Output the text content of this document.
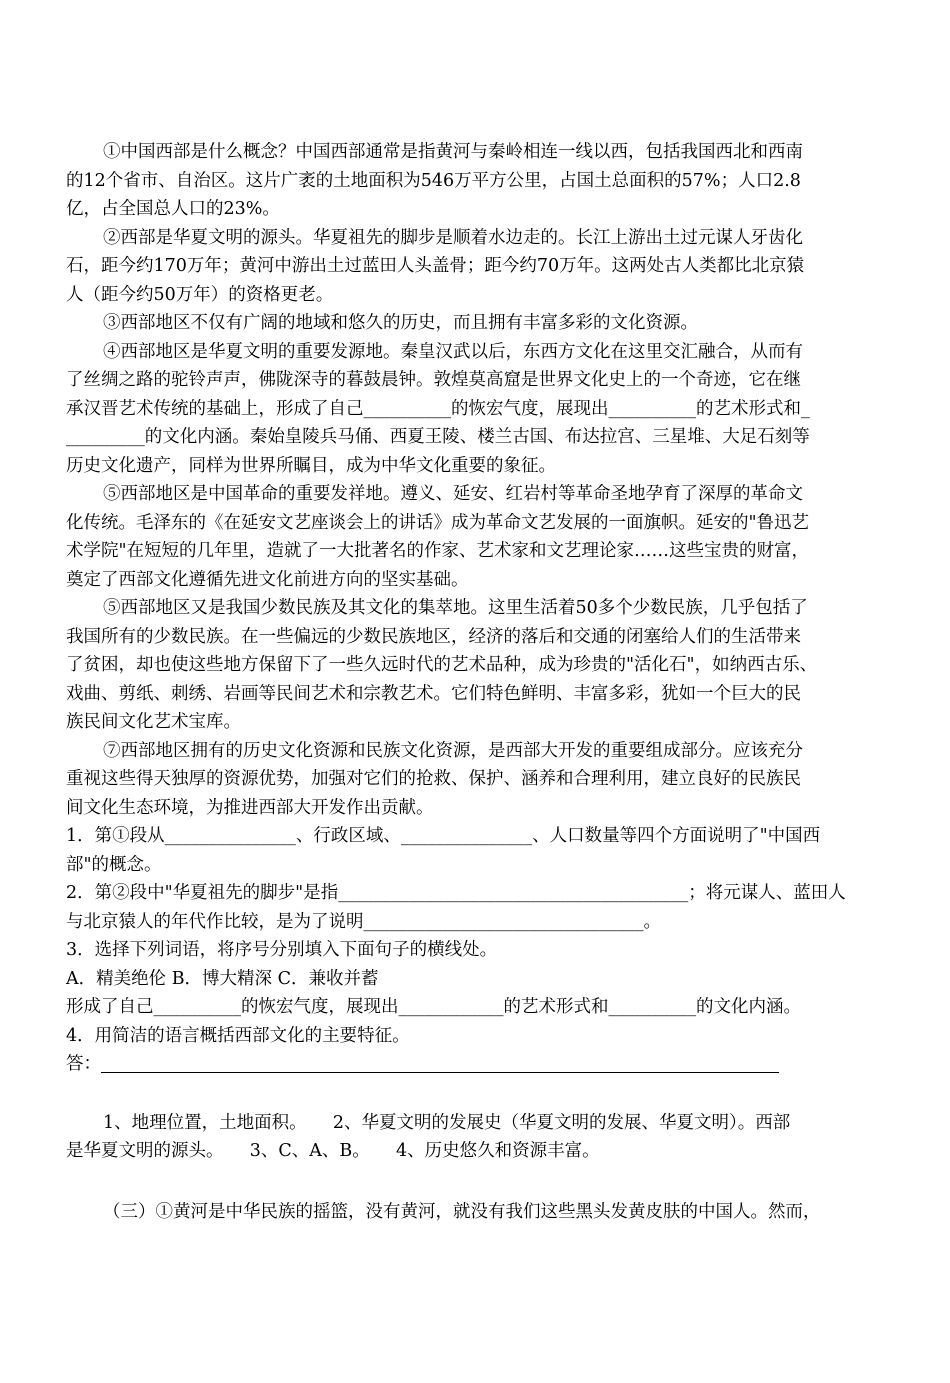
①中国西部是什么概念？中国西部通常是指黄河与秦岭相连一线以西，包括我国西北和西南
的12个省市、自治区。这片广袤的土地面积为546万平方公里，占国土总面积的57%；人口2.8
亿，占全国总人口的23%。
②西部是华夏文明的源头。华夏祖先的脚步是顺着水边走的。长江上游出土过元谋人牙齿化
石，距今约170万年；黄河中游出土过蓝田人头盖骨；距今约70万年。这两处古人类都比北京猿
人（距今约50万年）的资格更老。
③西部地区不仅有广阔的地域和悠久的历史，而且拥有丰富多彩的文化资源。
④西部地区是华夏文明的重要发源地。秦皇汉武以后，东西方文化在这里交汇融合，从而有
了丝绸之路的驼铃声声，佛陇深寺的暮鼓晨钟。敦煌莫高窟是世界文化史上的一个奇迹，它在继
承汉晋艺术传统的基础上，形成了自己__________的恢宏气度，展现出__________的艺术形式和_
_________的文化内涵。秦始皇陵兵马俑、西夏王陵、楼兰古国、布达拉宫、三星堆、大足石刻等
历史文化遗产，同样为世界所瞩目，成为中华文化重要的象征。
⑤西部地区是中国革命的重要发祥地。遵义、延安、红岩村等革命圣地孕育了深厚的革命文
化传统。毛泽东的《在延安文艺座谈会上的讲话》成为革命文艺发展的一面旗帜。延安的"鲁迅艺
术学院"在短短的几年里，造就了一大批著名的作家、艺术家和文艺理论家……这些宝贵的财富，
奠定了西部文化遵循先进文化前进方向的坚实基础。
⑤西部地区又是我国少数民族及其文化的集萃地。这里生活着50多个少数民族，几乎包括了
我国所有的少数民族。在一些偏远的少数民族地区，经济的落后和交通的闭塞给人们的生活带来
了贫困，却也使这些地方保留下了一些久远时代的艺术品种，成为珍贵的"活化石"，如纳西古乐、
戏曲、剪纸、刺绣、岩画等民间艺术和宗教艺术。它们特色鲜明、丰富多彩，犹如一个巨大的民
族民间文化艺术宝库。
⑦西部地区拥有的历史文化资源和民族文化资源，是西部大开发的重要组成部分。应该充分
重视这些得天独厚的资源优势，加强对它们的抢救、保护、涵养和合理利用，建立良好的民族民
间文化生态环境，为推进西部大开发作出贡献。
1．第①段从_______________、行政区域、_______________、人口数量等四个方面说明了"中国西
部"的概念。
2．第②段中"华夏祖先的脚步"是指________________________________________；将元谋人、蓝田人
与北京猿人的年代作比较，是为了说明________________________________。
3．选择下列词语，将序号分别填入下面句子的横线处。
A．精美绝伦 B．博大精深 C．兼收并蓄
形成了自己__________的恢宏气度，展现出____________的艺术形式和__________的文化内涵。
4．用简洁的语言概括西部文化的主要特征。
答：
1、地理位置，土地面积。　　2、华夏文明的发展史（华夏文明的发展、华夏文明）。西部
是华夏文明的源头。　　3、C、A、B。　　4、历史悠久和资源丰富。
（三）①黄河是中华民族的摇篮，没有黄河，就没有我们这些黑头发黄皮肤的中国人。然而，
